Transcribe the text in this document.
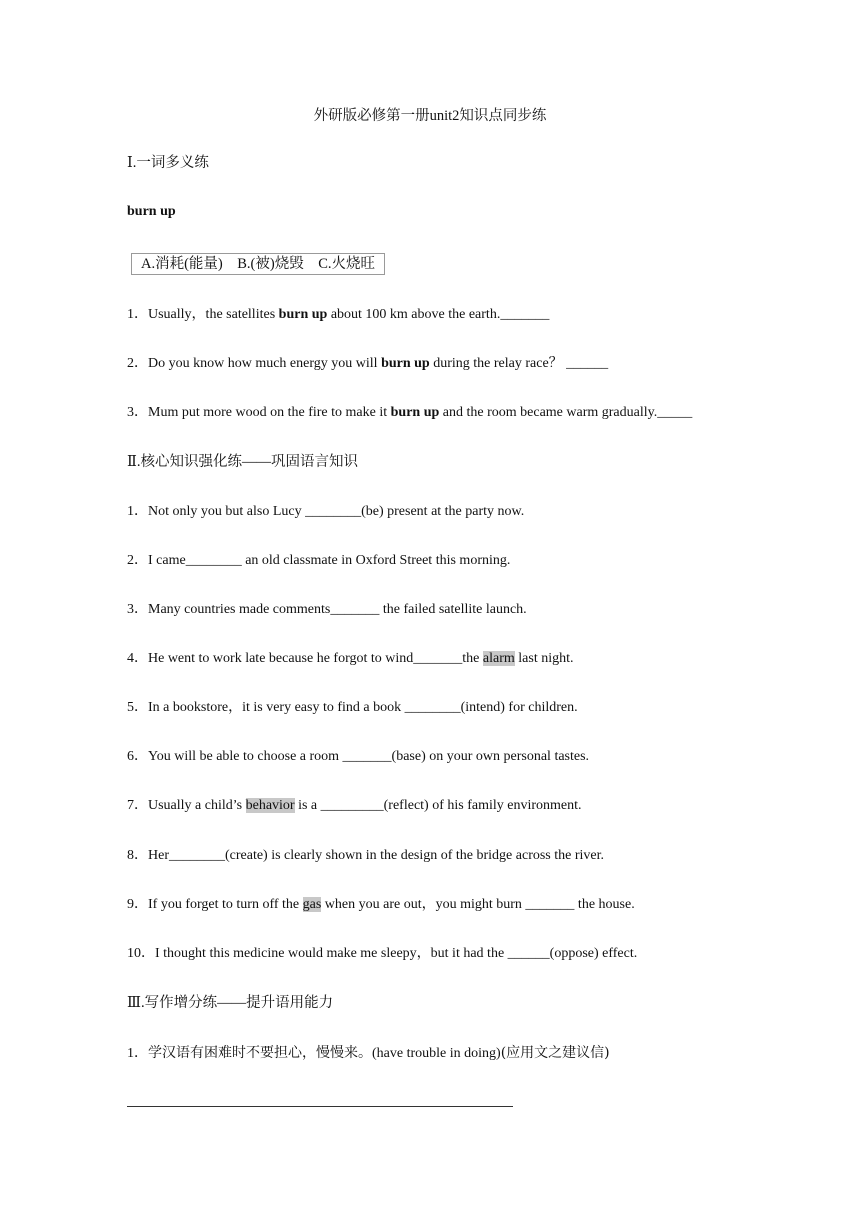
外研版必修第一册unit2知识点同步练
Ⅰ.一词多义练
burn up
A.消耗(能量)　B.(被)烧毁　C.火烧旺
1．Usually，the satellites burn up about 100 km above the earth._______
2．Do you know how much energy you will burn up during the relay race？ ______
3．Mum put more wood on the fire to make it burn up and the room became warm gradually._____
Ⅱ.核心知识强化练——巩固语言知识
1．Not only you but also Lucy ________(be) present at the party now.
2．I came________ an old classmate in Oxford Street this morning.
3．Many countries made comments_______ the failed satellite launch.
4．He went to work late because he forgot to wind_______the alarm last night.
5．In a bookstore，it is very easy to find a book ________(intend) for children.
6．You will be able to choose a room _______(base) on your own personal tastes.
7．Usually a child’s behavior is a _________(reflect) of his family environment.
8．Her________(create) is clearly shown in the design of the bridge across the river.
9．If you forget to turn off the gas when you are out，you might burn _______ the house.
10．I thought this medicine would make me sleepy，but it had the ______(oppose) effect.
Ⅲ.写作增分练——提升语用能力
1．学汉语有困难时不要担心，慢慢来。(have trouble in doing)(应用文之建议信)
